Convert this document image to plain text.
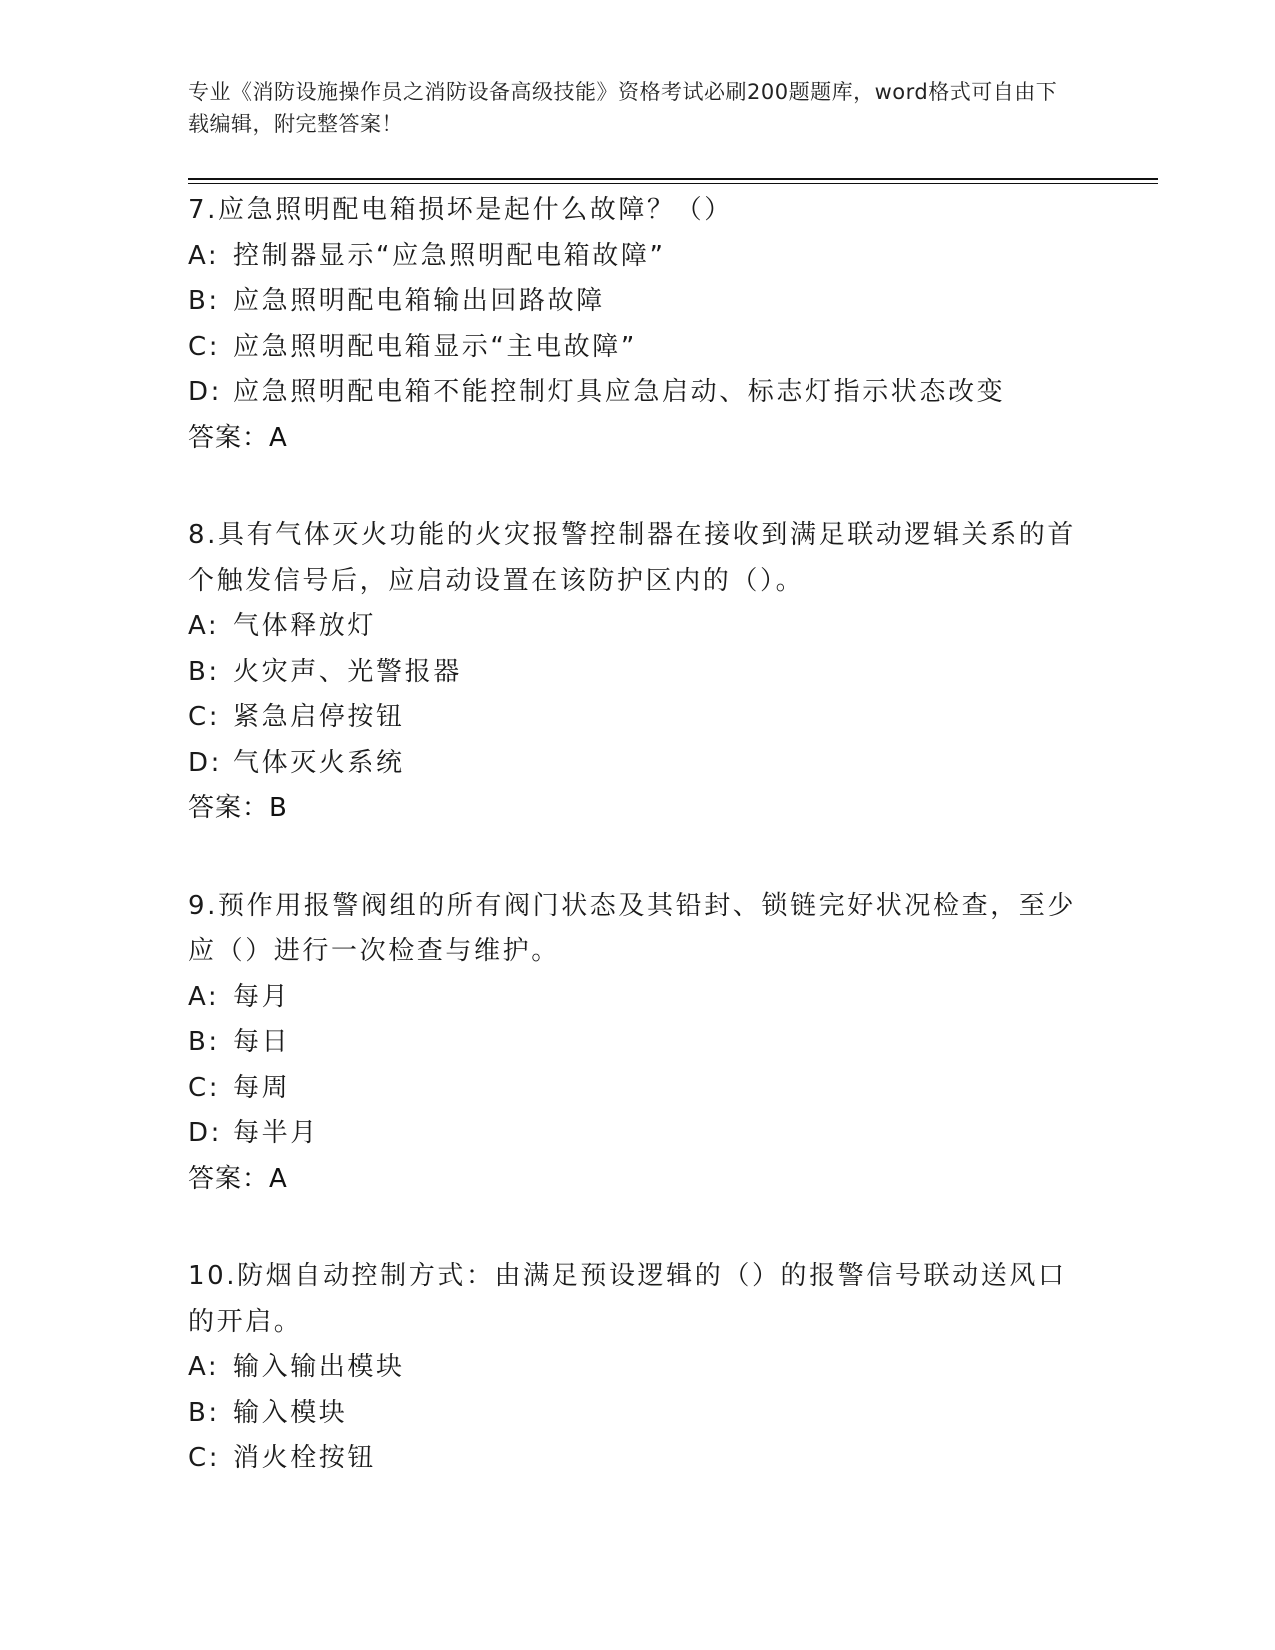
专业《消防设施操作员之消防设备高级技能》资格考试必刷200题题库，word格式可自由下载编辑，附完整答案！
7.应急照明配电箱损坏是起什么故障？（）
A: 控制器显示“应急照明配电箱故障”
B: 应急照明配电箱输出回路故障
C: 应急照明配电箱显示“主电故障”
D: 应急照明配电箱不能控制灯具应急启动、标志灯指示状态改变
答案：A
8.具有气体灭火功能的火灾报警控制器在接收到满足联动逻辑关系的首个触发信号后，应启动设置在该防护区内的（）。
A: 气体释放灯
B: 火灾声、光警报器
C: 紧急启停按钮
D: 气体灭火系统
答案：B
9.预作用报警阀组的所有阀门状态及其铅封、锁链完好状况检查，至少应（）进行一次检查与维护。
A: 每月
B: 每日
C: 每周
D: 每半月
答案：A
10.防烟自动控制方式：由满足预设逻辑的（）的报警信号联动送风口的开启。
A: 输入输出模块
B: 输入模块
C: 消火栓按钮
